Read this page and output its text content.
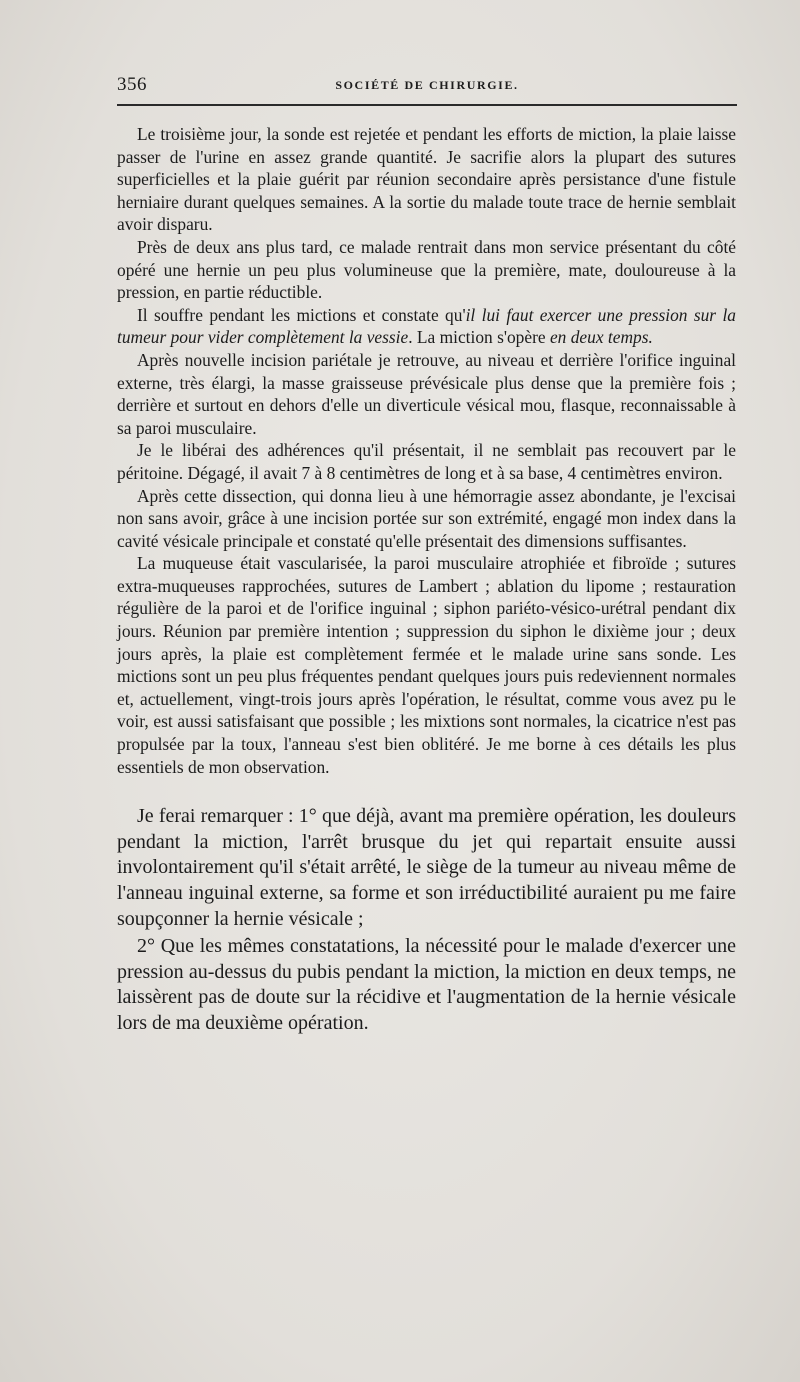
356	SOCIÉTÉ DE CHIRURGIE.

Le troisième jour, la sonde est rejetée et pendant les efforts de miction, la plaie laisse passer de l'urine en assez grande quantité. Je sacrifie alors la plupart des sutures superficielles et la plaie guérit par réunion secondaire après persistance d'une fistule herniaire durant quelques semaines. A la sortie du malade toute trace de hernie semblait avoir disparu.

Près de deux ans plus tard, ce malade rentrait dans mon service présentant du côté opéré une hernie un peu plus volumineuse que la première, mate, douloureuse à la pression, en partie réductible.

Il souffre pendant les mictions et constate qu'il lui faut exercer une pression sur la tumeur pour vider complètement la vessie. La miction s'opère en deux temps.

Après nouvelle incision pariétale je retrouve, au niveau et derrière l'orifice inguinal externe, très élargi, la masse graisseuse prévésicale plus dense que la première fois ; derrière et surtout en dehors d'elle un diverticule vésical mou, flasque, reconnaissable à sa paroi musculaire.

Je le libérai des adhérences qu'il présentait, il ne semblait pas recouvert par le péritoine. Dégagé, il avait 7 à 8 centimètres de long et à sa base, 4 centimètres environ.

Après cette dissection, qui donna lieu à une hémorragie assez abondante, je l'excisai non sans avoir, grâce à une incision portée sur son extrémité, engagé mon index dans la cavité vésicale principale et constaté qu'elle présentait des dimensions suffisantes.

La muqueuse était vascularisée, la paroi musculaire atrophiée et fibroïde ; sutures extra-muqueuses rapprochées, sutures de Lambert ; ablation du lipome ; restauration régulière de la paroi et de l'orifice inguinal ; siphon pariéto-vésico-urétral pendant dix jours. Réunion par première intention ; suppression du siphon le dixième jour ; deux jours après, la plaie est complètement fermée et le malade urine sans sonde. Les mictions sont un peu plus fréquentes pendant quelques jours puis redeviennent normales et, actuellement, vingt-trois jours après l'opération, le résultat, comme vous avez pu le voir, est aussi satisfaisant que possible ; les mixtions sont normales, la cicatrice n'est pas propulsée par la toux, l'anneau s'est bien oblitéré. Je me borne à ces détails les plus essentiels de mon observation.

Je ferai remarquer : 1° que déjà, avant ma première opération, les douleurs pendant la miction, l'arrêt brusque du jet qui repartait ensuite aussi involontairement qu'il s'était arrêté, le siège de la tumeur au niveau même de l'anneau inguinal externe, sa forme et son irréductibilité auraient pu me faire soupçonner la hernie vésicale ;

2° Que les mêmes constatations, la nécessité pour le malade d'exercer une pression au-dessus du pubis pendant la miction, la miction en deux temps, ne laissèrent pas de doute sur la récidive et l'augmentation de la hernie vésicale lors de ma deuxième opération.
